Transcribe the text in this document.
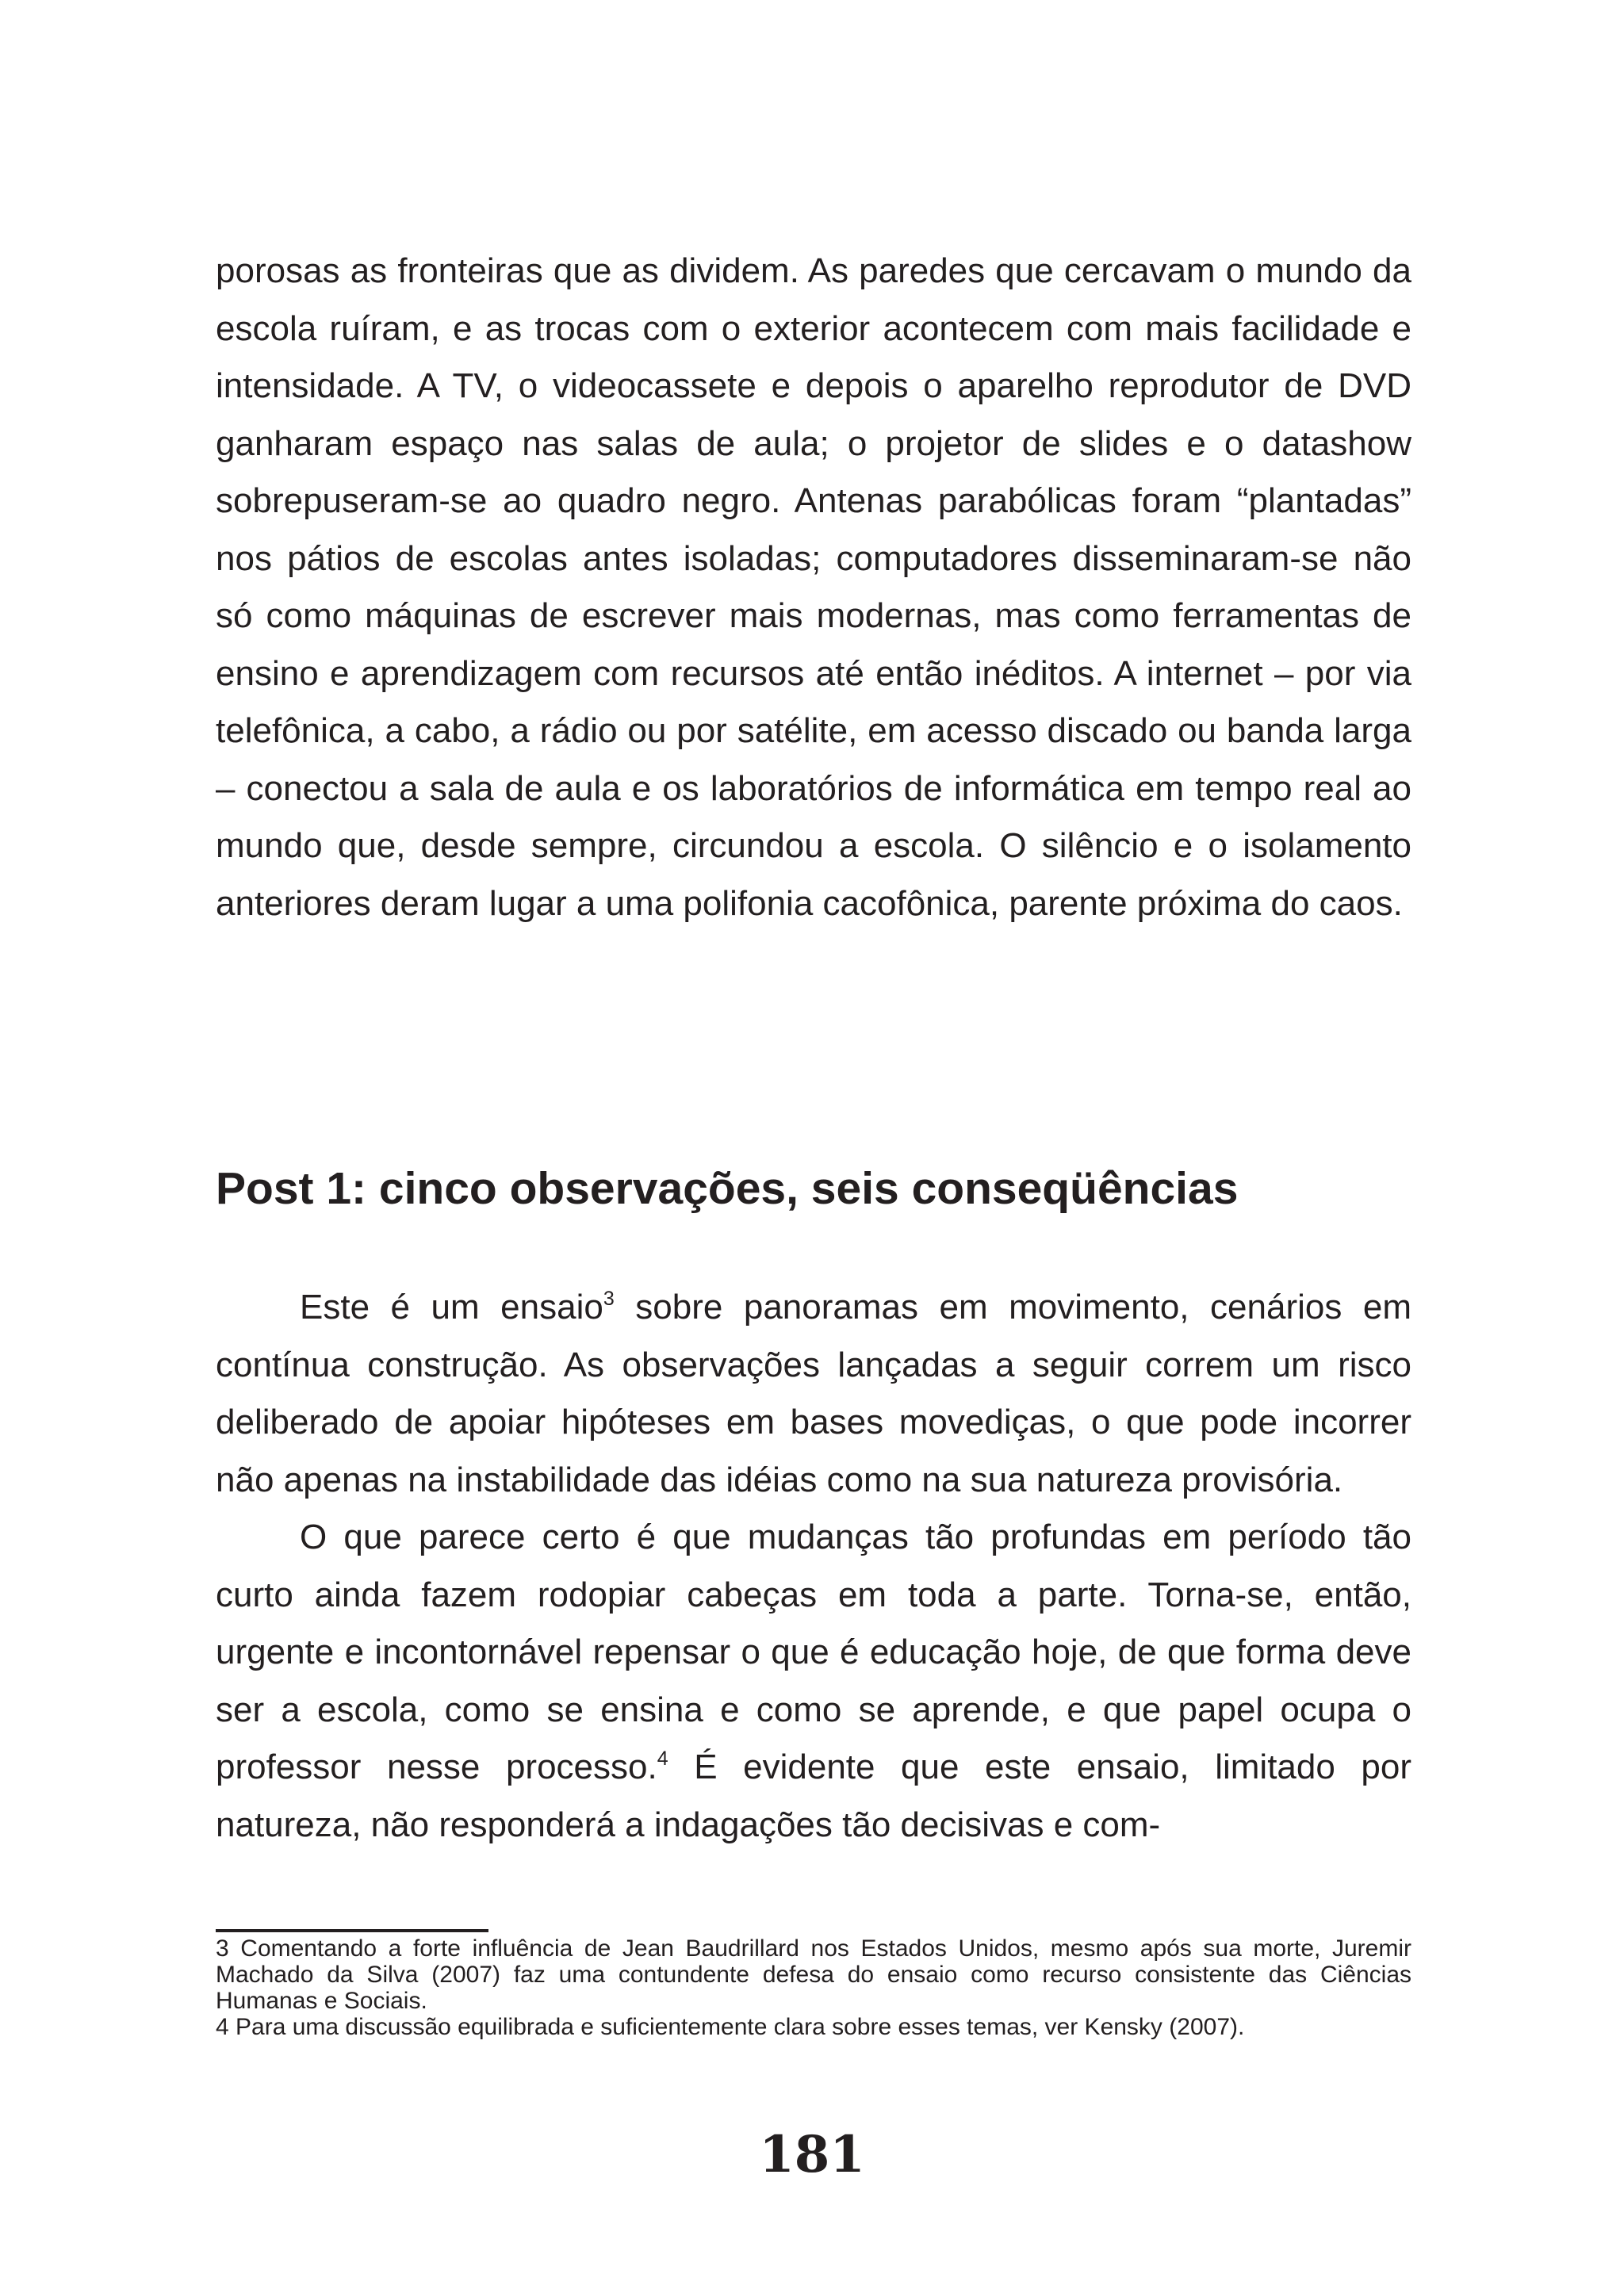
porosas as fronteiras que as dividem. As paredes que cercavam o mundo da escola ruíram, e as trocas com o exterior acontecem com mais facilidade e intensidade. A TV, o videocassete e depois o aparelho reprodutor de DVD ganharam espaço nas salas de aula; o projetor de slides e o datashow sobrepuseram-se ao quadro negro. Antenas parabólicas foram “plantadas” nos pátios de escolas antes isoladas; computadores disseminaram-se não só como máquinas de escrever mais modernas, mas como ferramentas de ensino e aprendizagem com recursos até então inéditos. A internet – por via telefônica, a cabo, a rádio ou por satélite, em acesso discado ou banda larga – conectou a sala de aula e os laboratórios de informática em tempo real ao mundo que, desde sempre, circundou a escola. O silêncio e o isolamento anteriores deram lugar a uma polifonia cacofônica, parente próxima do caos.

Post 1: cinco observações, seis conseqüências

Este é um ensaio$^3$ sobre panoramas em movimento, cenários em contínua construção. As observações lançadas a seguir correm um risco deliberado de apoiar hipóteses em bases movediças, o que pode incorrer não apenas na instabilidade das idéias como na sua natureza provisória.

O que parece certo é que mudanças tão profundas em período tão curto ainda fazem rodopiar cabeças em toda a parte. Torna-se, então, urgente e incontornável repensar o que é educação hoje, de que forma deve ser a escola, como se ensina e como se aprende, e que papel ocupa o professor nesse processo.$^4$ É evidente que este ensaio, limitado por natureza, não responderá a indagações tão decisivas e com-

3 Comentando a forte influência de Jean Baudrillard nos Estados Unidos, mesmo após sua morte, Juremir Machado da Silva (2007) faz uma contundente defesa do ensaio como recurso consistente das Ciências Humanas e Sociais.

4 Para uma discussão equilibrada e suficientemente clara sobre esses temas, ver Kensky (2007).

181
